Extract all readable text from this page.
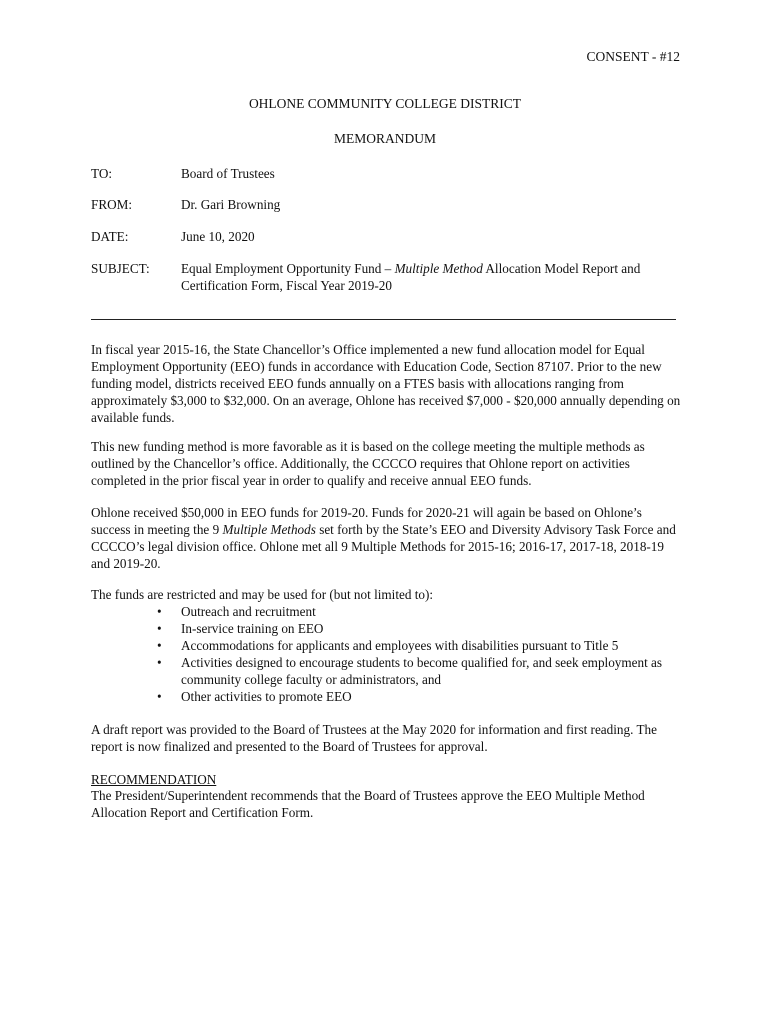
CONSENT - #12
OHLONE COMMUNITY COLLEGE DISTRICT
MEMORANDUM
TO:	Board of Trustees
FROM:	Dr. Gari Browning
DATE:	June 10, 2020
SUBJECT: Equal Employment Opportunity Fund – Multiple Method Allocation Model Report and Certification Form, Fiscal Year 2019-20
In fiscal year 2015-16, the State Chancellor’s Office implemented a new fund allocation model for Equal Employment Opportunity (EEO) funds in accordance with Education Code, Section 87107. Prior to the new funding model, districts received EEO funds annually on a FTES basis with allocations ranging from approximately $3,000 to $32,000. On an average, Ohlone has received $7,000 - $20,000 annually depending on available funds.
This new funding method is more favorable as it is based on the college meeting the multiple methods as outlined by the Chancellor’s office. Additionally, the CCCCO requires that Ohlone report on activities completed in the prior fiscal year in order to qualify and receive annual EEO funds.
Ohlone received $50,000 in EEO funds for 2019-20. Funds for 2020-21 will again be based on Ohlone’s success in meeting the 9 Multiple Methods set forth by the State’s EEO and Diversity Advisory Task Force and CCCCO’s legal division office. Ohlone met all 9 Multiple Methods for 2015-16; 2016-17, 2017-18, 2018-19 and 2019-20.
The funds are restricted and may be used for (but not limited to):
• Outreach and recruitment
• In-service training on EEO
• Accommodations for applicants and employees with disabilities pursuant to Title 5
• Activities designed to encourage students to become qualified for, and seek employment as community college faculty or administrators, and
• Other activities to promote EEO
A draft report was provided to the Board of Trustees at the May 2020 for information and first reading. The report is now finalized and presented to the Board of Trustees for approval.
RECOMMENDATION
The President/Superintendent recommends that the Board of Trustees approve the EEO Multiple Method Allocation Report and Certification Form.
